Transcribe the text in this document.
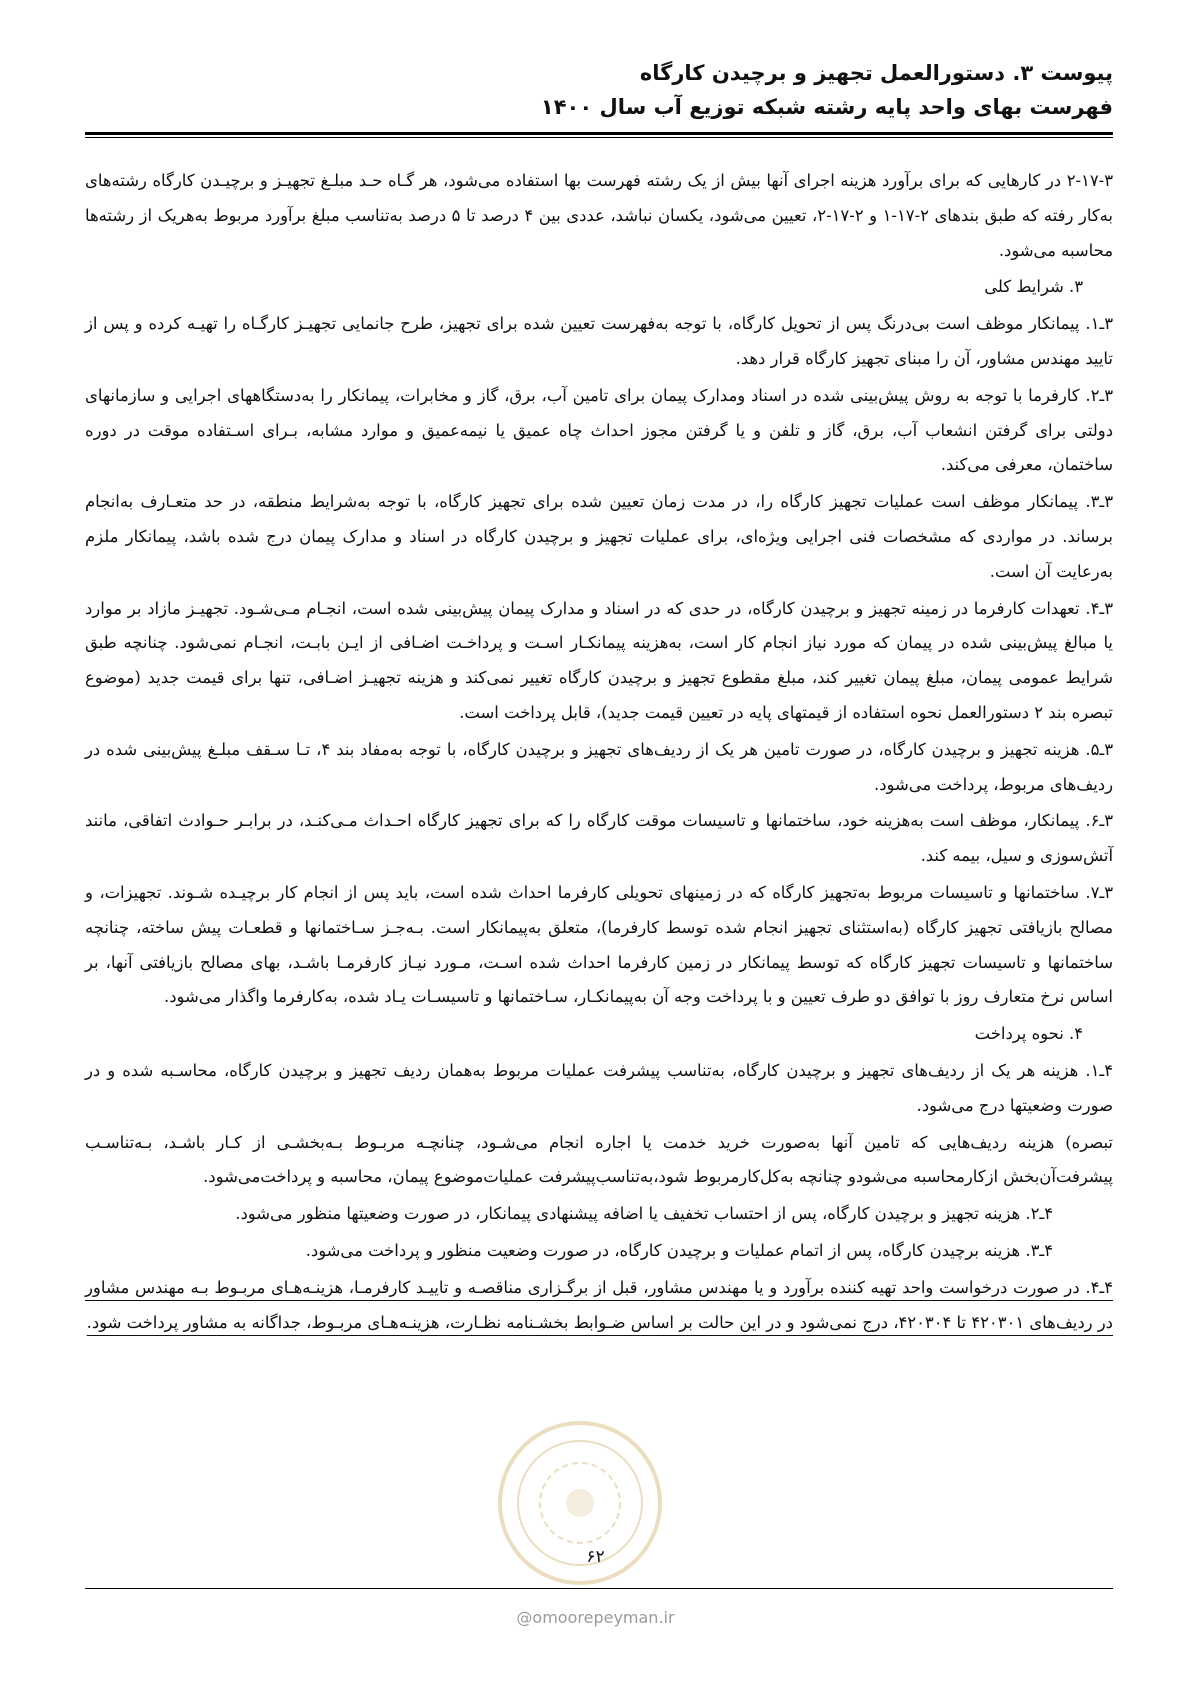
پیوست ۳. دستورالعمل تجهیز و برچیدن کارگاه
فهرست بهای واحد پایه رشته شبکه توزیع آب سال ۱۴۰۰

۲-۱۷-۳ در کارهایی که برای برآورد هزینه اجرای آنها بیش از یک رشته فهرست بها استفاده می‌شود، هر گـاه حـد مبلـغ تجهیـز و برچیـدن کارگاه رشته‌های به‌کار رفته که طبق بندهای ۲-۱۷-۱ و ۲-۱۷-۲، تعیین می‌شود، یکسان نباشد، عددی بین ۴ درصد تا ۵ درصد به‌تناسب مبلغ برآورد مربوط به‌هریک از رشته‌ها محاسبه می‌شود.

۳. شرایط کلی

۳ـ۱. پیمانکار موظف است بی‌درنگ پس از تحویل کارگاه، با توجه به‌فهرست تعیین شده برای تجهیز، طرح جانمایی تجهیـز کارگـاه را تهیـه کرده و پس از تایید مهندس مشاور، آن را مبنای تجهیز کارگاه قرار دهد.

۳ـ۲. کارفرما با توجه به روش پیش‌بینی شده در اسناد ومدارک پیمان برای تامین آب، برق، گاز و مخابرات، پیمانکار را به‌دستگاههای اجرایی و سازمانهای دولتی برای گرفتن انشعاب آب، برق، گاز و تلفن و یا گرفتن مجوز احداث چاه عمیق یا نیمه‌عمیق و موارد مشابه، بـرای اسـتفاده موقت در دوره ساختمان، معرفی می‌کند.

۳ـ۳. پیمانکار موظف است عملیات تجهیز کارگاه را، در مدت زمان تعیین شده برای تجهیز کارگاه، با توجه به‌شرایط منطقه، در حد متعـارف به‌انجام برساند. در مواردی که مشخصات فنی اجرایی ویژه‌ای، برای عملیات تجهیز و برچیدن کارگاه در اسناد و مدارک پیمان درج شده باشد، پیمانکار ملزم به‌رعایت آن است.

۳ـ۴. تعهدات کارفرما در زمینه تجهیز و برچیدن کارگاه، در حدی که در اسناد و مدارک پیمان پیش‌بینی شده است، انجـام مـی‌شـود. تجهیـز مازاد بر موارد یا مبالغ پیش‌بینی شده در پیمان که مورد نیاز انجام کار است، به‌هزینه پیمانکـار اسـت و پرداخـت اضـافی از ایـن بابـت، انجـام نمی‌شود. چنانچه طبق شرایط عمومی پیمان، مبلغ پیمان تغییر کند، مبلغ مقطوع تجهیز و برچیدن کارگاه تغییر نمی‌کند و هزینه تجهیـز اضـافی، تنها برای قیمت جدید (موضوع تبصره بند ۲ دستورالعمل نحوه استفاده از قیمتهای پایه در تعیین قیمت جدید)، قابل پرداخت است.

۳ـ۵. هزینه تجهیز و برچیدن کارگاه، در صورت تامین هر یک از ردیف‌های تجهیز و برچیدن کارگاه، با توجه به‌مفاد بند ۴، تـا سـقف مبلـغ پیش‌بینی شده در ردیف‌های مربوط، پرداخت می‌شود.

۳ـ۶. پیمانکار، موظف است به‌هزینه خود، ساختمانها و تاسیسات موقت کارگاه را که برای تجهیز کارگاه احـداث مـی‌کنـد، در برابـر حـوادث اتفاقی، مانند آتش‌سوزی و سیل، بیمه کند.

۳ـ۷. ساختمانها و تاسیسات مربوط به‌تجهیز کارگاه که در زمینهای تحویلی کارفرما احداث شده است، باید پس از انجام کار برچیـده شـوند. تجهیزات، و مصالح بازیافتی تجهیز کارگاه (به‌استثنای تجهیز انجام شده توسط کارفرما)، متعلق به‌پیمانکار است. بـه‌جـز سـاختمانها و قطعـات پیش ساخته، چنانچه ساختمانها و تاسیسات تجهیز کارگاه که توسط پیمانکار در زمین کارفرما احداث شده اسـت، مـورد نیـاز کارفرمـا باشـد، بهای مصالح بازیافتی آنها، بر اساس نرخ متعارف روز با توافق دو طرف تعیین و با پرداخت وجه آن به‌پیمانکـار، سـاختمانها و تاسیسـات یـاد شده، به‌کارفرما واگذار می‌شود.

۴. نحوه پرداخت

۴ـ۱. هزینه هر یک از ردیف‌های تجهیز و برچیدن کارگاه، به‌تناسب پیشرفت عملیات مربوط به‌همان ردیف تجهیز و برچیدن کارگاه، محاسـبه شده و در صورت وضعیتها درج می‌شود.

تبصره) هزینه ردیف‌هایی که تامین آنها به‌صورت خرید خدمت یا اجاره انجام می‌شـود، چنانچـه مربـوط بـه‌بخشـی از کـار باشـد، بـه‌تناسـب پیشرفت‌آن‌بخش ازکارمحاسبه می‌شودو چنانچه به‌کل‌کارمربوط شود،به‌تناسب‌پیشرفت عملیات‌موضوع پیمان، محاسبه و پرداخت‌می‌شود.

۴ـ۲. هزینه تجهیز و برچیدن کارگاه، پس از احتساب تخفیف یا اضافه پیشنهادی پیمانکار، در صورت وضعیتها منظور می‌شود.

۴ـ۳. هزینه برچیدن کارگاه، پس از اتمام عملیات و برچیدن کارگاه، در صورت وضعیت منظور و پرداخت می‌شود.

۴ـ۴. در صورت درخواست واحد تهیه کننده برآورد و یا مهندس مشاور، قبل از برگـزاری مناقصـه و تاییـد کارفرمـا، هزینـه‌هـای مربـوط بـه مهندس مشاور در ردیف‌های ۴۲۰۳۰۱ تا ۴۲۰۳۰۴، درج نمی‌شود و در این حالت بر اساس ضـوابط بخشـنامه نظـارت، هزینـه‌هـای مربـوط، جداگانه به مشاور پرداخت شود.

۶۲
@omoorepeyman.ir
